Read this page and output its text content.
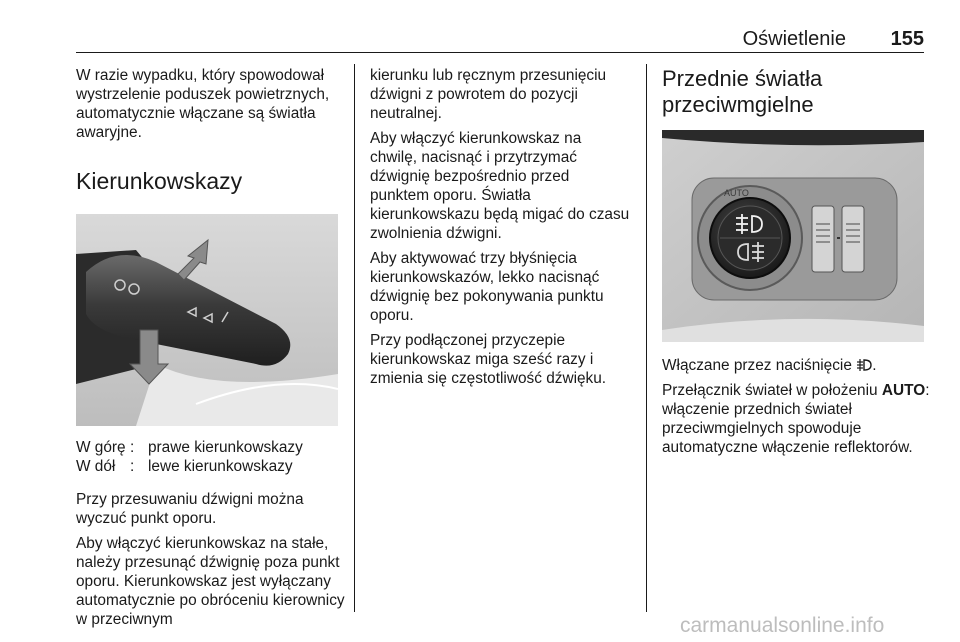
Oświetlenie 155

W razie wypadku, który spowodował wystrzelenie poduszek powietrznych, automatycznie włączane są światła awaryjne.

Kierunkowskazy
W górę	:	prawe kierunkowskazy
W dół	:	lewe kierunkowskazy

Przy przesuwaniu dźwigni można wyczuć punkt oporu.

Aby włączyć kierunkowskaz na stałe, należy przesunąć dźwignię poza punkt oporu. Kierunkowskaz jest wyłączany automatycznie po obróceniu kierownicy w przeciwnym

kierunku lub ręcznym przesunięciu dźwigni z powrotem do pozycji neutralnej.

Aby włączyć kierunkowskaz na chwilę, nacisnąć i przytrzymać dźwignię bezpośrednio przed punktem oporu. Światła kierunkowskazu będą migać do czasu zwolnienia dźwigni.

Aby aktywować trzy błyśnięcia kierunkowskazów, lekko nacisnąć dźwignię bez pokonywania punktu oporu.

Przy podłączonej przyczepie kierunkowskaz miga sześć razy i zmienia się częstotliwość dźwięku.

Przednie światła przeciwmgielne
AUTO

Włączane przez naciśnięcie .

Przełącznik świateł w położeniu AUTO: włączenie przednich świateł przeciwmgielnych spowoduje automatyczne włączenie reflektorów.

carmanualsonline.info
